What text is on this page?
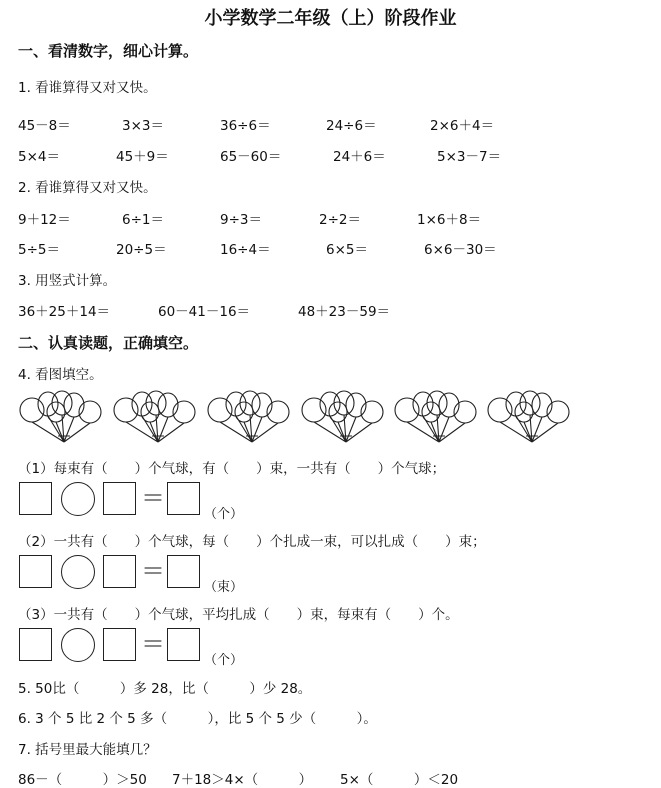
小学数学二年级（上）阶段作业
一、看清数字，细心计算。
1. 看谁算得又对又快。
45－8＝	3×3＝	36÷6＝	24÷6＝	2×6＋4＝
5×4＝	45＋9＝	65－60＝	24＋6＝	5×3－7＝
2. 看谁算得又对又快。
9＋12＝	6÷1＝	9÷3＝	2÷2＝	1×6＋8＝
5÷5＝	20÷5＝	16÷4＝	6×5＝	6×6－30＝
3. 用竖式计算。
36＋25＋14＝	60－41－16＝	48＋23－59＝
二、认真读题，正确填空。
4. 看图填空。
（1）每束有（　　）个气球，有（　　）束，一共有（　　）个气球；
＝
（个）
（2）一共有（　　）个气球，每（　　）个扎成一束，可以扎成（　　）束；
＝
（束）
（3）一共有（　　）个气球，平均扎成（　　）束，每束有（　　）个。
＝
（个）
5. 50比（　　　）多 28，比（　　　）少 28。
6. 3 个 5 比 2 个 5 多（　　　），比 5 个 5 少（　　　）。
7. 括号里最大能填几？
86－（　　　）＞50 7＋18＞4×（　　　） 5×（　　　）＜20
